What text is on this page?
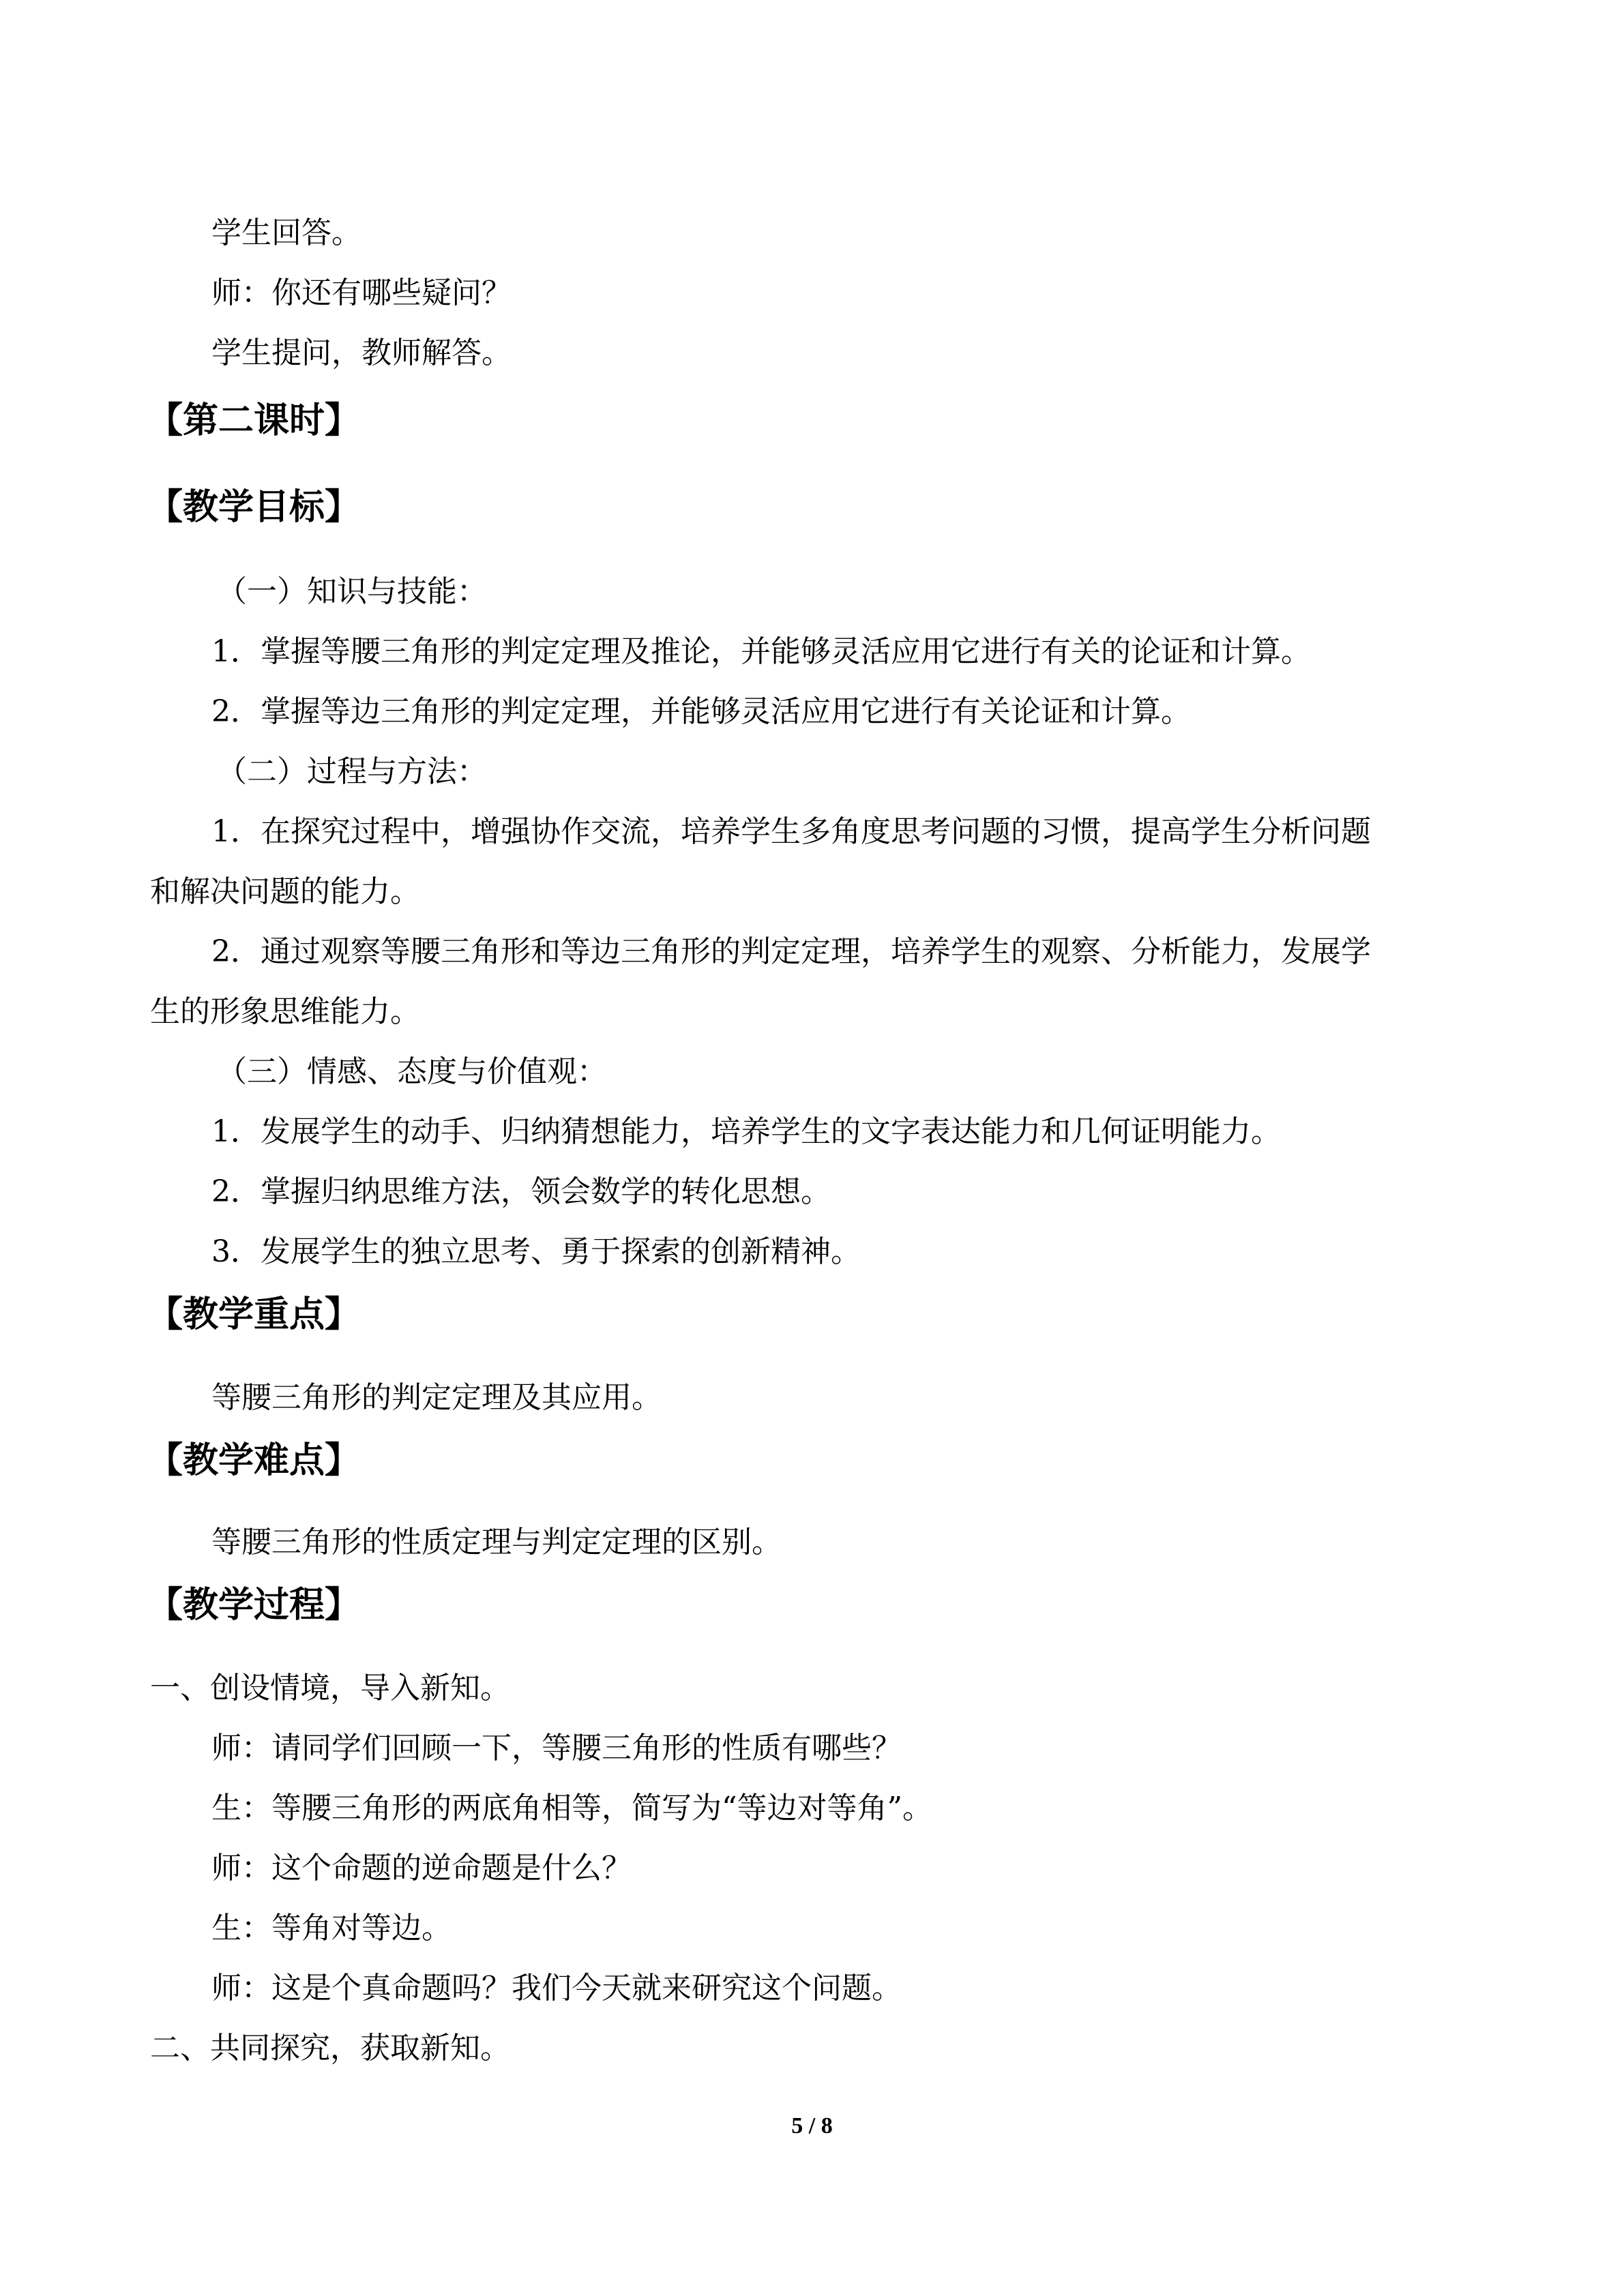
学生回答。
师：你还有哪些疑问？
学生提问，教师解答。
【第二课时】
【教学目标】
（一）知识与技能：
1．掌握等腰三角形的判定定理及推论，并能够灵活应用它进行有关的论证和计算。
2．掌握等边三角形的判定定理，并能够灵活应用它进行有关论证和计算。
（二）过程与方法：
1．在探究过程中，增强协作交流，培养学生多角度思考问题的习惯，提高学生分析问题
和解决问题的能力。
2．通过观察等腰三角形和等边三角形的判定定理，培养学生的观察、分析能力，发展学
生的形象思维能力。
（三）情感、态度与价值观：
1．发展学生的动手、归纳猜想能力，培养学生的文字表达能力和几何证明能力。
2．掌握归纳思维方法，领会数学的转化思想。
3．发展学生的独立思考、勇于探索的创新精神。
【教学重点】
等腰三角形的判定定理及其应用。
【教学难点】
等腰三角形的性质定理与判定定理的区别。
【教学过程】
一、创设情境，导入新知。
师：请同学们回顾一下，等腰三角形的性质有哪些？
生：等腰三角形的两底角相等，简写为“等边对等角”。
师：这个命题的逆命题是什么？
生：等角对等边。
师：这是个真命题吗？我们今天就来研究这个问题。
二、共同探究，获取新知。
5 / 8
